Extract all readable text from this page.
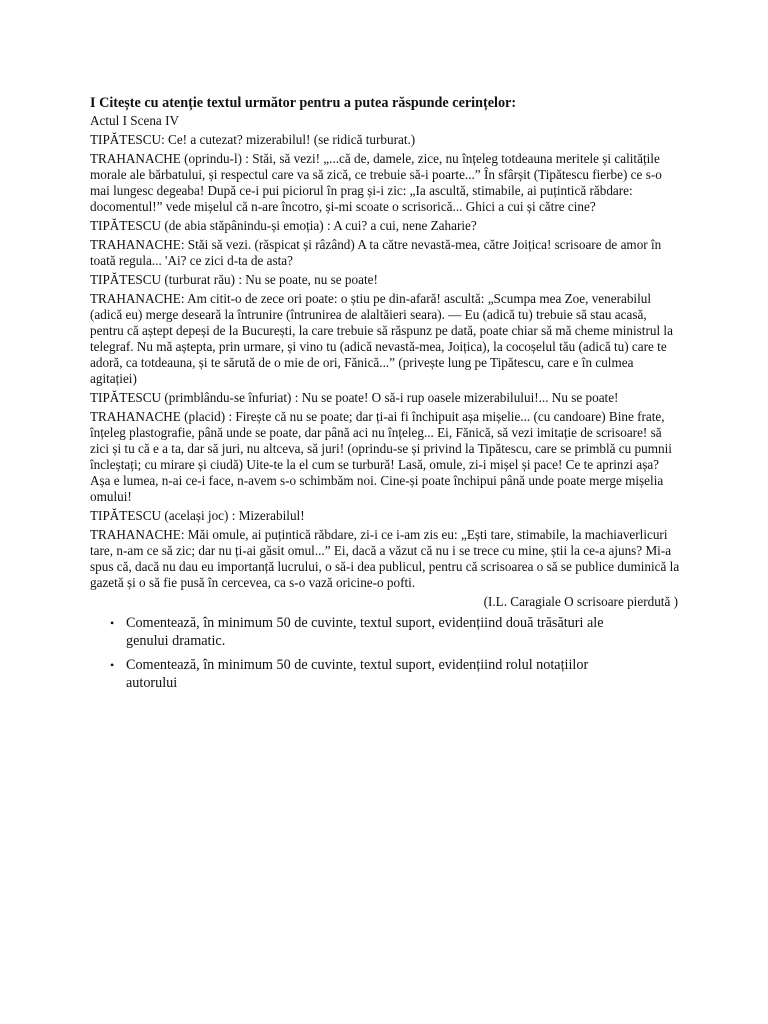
I Citește cu atenție textul următor pentru a putea răspunde cerințelor:
Actul I Scena IV
TIPĂTESCU: Ce! a cutezat? mizerabilul! (se ridică turburat.)
TRAHANACHE (oprindu-l) : Stăi, să vezi! „...că de, damele, zice, nu înțeleg totdeauna meritele și calitățile morale ale bărbatului, și respectul care va să zică, ce trebuie să-i poarte...” În sfârșit (Tipătescu fierbe) ce s-o mai lungesc degeaba! După ce-i pui piciorul în prag și-i zic: „Ia ascultă, stimabile, ai puțintică răbdare: docomentul!” vede mișelul că n-are încotro, și-mi scoate o scrisorică... Ghici a cui și către cine?
TIPĂTESCU (de abia stăpânindu-și emoția) : A cui? a cui, nene Zaharie?
TRAHANACHE: Stăi să vezi. (răspicat și râzând) A ta către nevastă-mea, către Joițica! scrisoare de amor în toată regula... 'Ai? ce zici d-ta de asta?
TIPĂTESCU (turburat rău) : Nu se poate, nu se poate!
TRAHANACHE: Am citit-o de zece ori poate: o știu pe din-afară! ascultă: „Scumpa mea Zoe, venerabilul (adică eu) merge deseară la întrunire (întrunirea de alaltăieri seara). — Eu (adică tu) trebuie să stau acasă, pentru că aștept depeși de la București, la care trebuie să răspunz pe dată, poate chiar să mă cheme ministrul la telegraf. Nu mă aștepta, prin urmare, și vino tu (adică nevastă-mea, Joițica), la cocoșelul tău (adică tu) care te adoră, ca totdeauna, și te sărută de o mie de ori, Fănică...” (privește lung pe Tipătescu, care e în culmea agitației)
TIPĂTESCU (primblându-se înfuriat) : Nu se poate! O să-i rup oasele mizerabilului!... Nu se poate!
TRAHANACHE (placid) : Firește că nu se poate; dar ți-ai fi închipuit așa mișelie... (cu candoare) Bine frate, înțeleg plastografie, până unde se poate, dar până aci nu înțeleg... Ei, Fănică, să vezi imitație de scrisoare! să zici și tu că e a ta, dar să juri, nu altceva, să juri! (oprindu-se și privind la Tipătescu, care se primblă cu pumnii încleștați; cu mirare și ciudă) Uite-te la el cum se turbură! Lasă, omule, zi-i mișel și pace! Ce te aprinzi așa? Așa e lumea, n-ai ce-i face, n-avem s-o schimbăm noi. Cine-și poate închipui până unde poate merge mișelia omului!
TIPĂTESCU (același joc) : Mizerabilul!
TRAHANACHE: Măi omule, ai puțintică răbdare, zi-i ce i-am zis eu: „Ești tare, stimabile, la machiaverlicuri tare, n-am ce să zic; dar nu ți-ai găsit omul...” Ei, dacă a văzut că nu i se trece cu mine, știi la ce-a ajuns? Mi-a spus că, dacă nu dau eu importanță lucrului, o să-i dea publicul, pentru că scrisoarea o să se publice duminică la gazetă și o să fie pusă în cercevea, ca s-o vază oricine-o pofti.
(I.L. Caragiale O scrisoare pierdută )
• Comentează, în minimum 50 de cuvinte, textul suport, evidențiind două trăsături ale genului dramatic.
• Comentează, în minimum 50 de cuvinte, textul suport, evidențiind rolul notațiilor autorului
